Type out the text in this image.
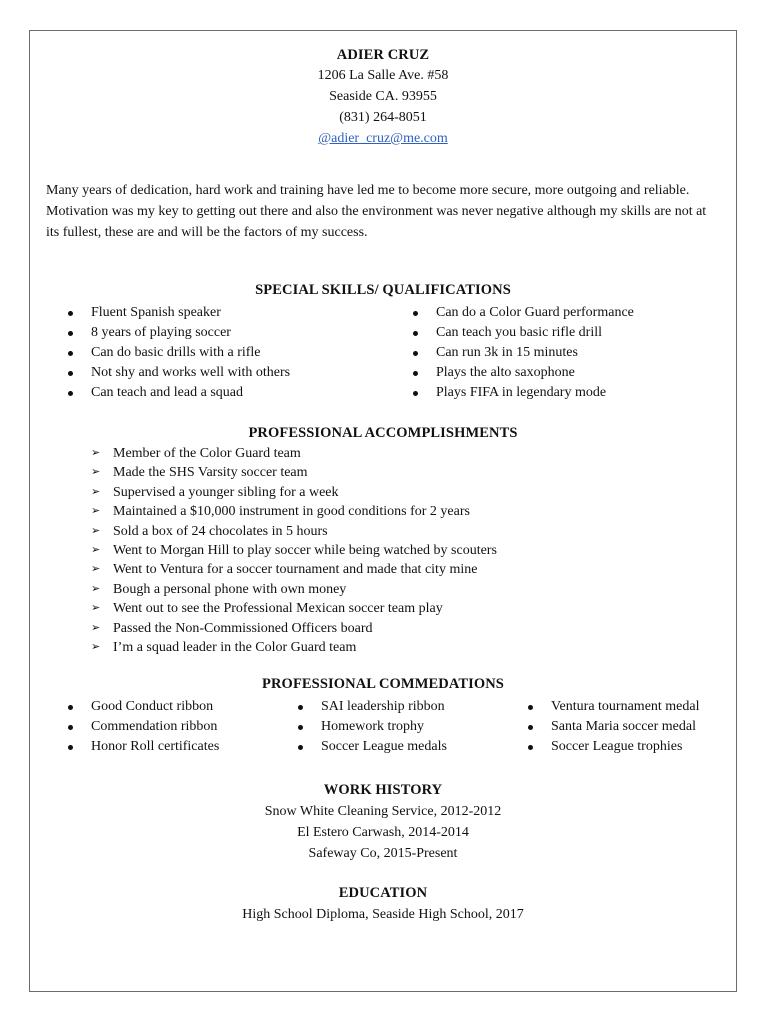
ADIER CRUZ
1206 La Salle Ave. #58
Seaside CA. 93955
(831) 264-8051
@adier_cruz@me.com
Many years of dedication, hard work and training have led me to become more secure, more outgoing and reliable. Motivation was my key to getting out there and also the environment was never negative although my skills are not at its fullest, these are and will be the factors of my success.
SPECIAL SKILLS/ QUALIFICATIONS
Fluent Spanish speaker
8 years of playing soccer
Can do basic drills with a rifle
Not shy and works well with others
Can teach and lead a squad
Can do a Color Guard performance
Can teach you basic rifle drill
Can run 3k in 15 minutes
Plays the alto saxophone
Plays FIFA in legendary mode
PROFESSIONAL ACCOMPLISHMENTS
➢ Member of the Color Guard team
➢ Made the SHS Varsity soccer team
➢ Supervised a younger sibling for a week
➢ Maintained a $10,000 instrument in good conditions for 2 years
➢ Sold a box of 24 chocolates in 5 hours
➢ Went to Morgan Hill to play soccer while being watched by scouters
➢ Went to Ventura for a soccer tournament and made that city mine
➢ Bough a personal phone with own money
➢ Went out to see the Professional Mexican soccer team play
➢ Passed the Non-Commissioned Officers board
➢ I’m a squad leader in the Color Guard team
PROFESSIONAL COMMEDATIONS
Good Conduct ribbon
Commendation ribbon
Honor Roll certificates
SAI leadership ribbon
Homework trophy
Soccer League medals
Ventura tournament medal
Santa Maria soccer medal
Soccer League trophies
WORK HISTORY
Snow White Cleaning Service, 2012-2012
El Estero Carwash, 2014-2014
Safeway Co, 2015-Present
EDUCATION
High School Diploma, Seaside High School, 2017
